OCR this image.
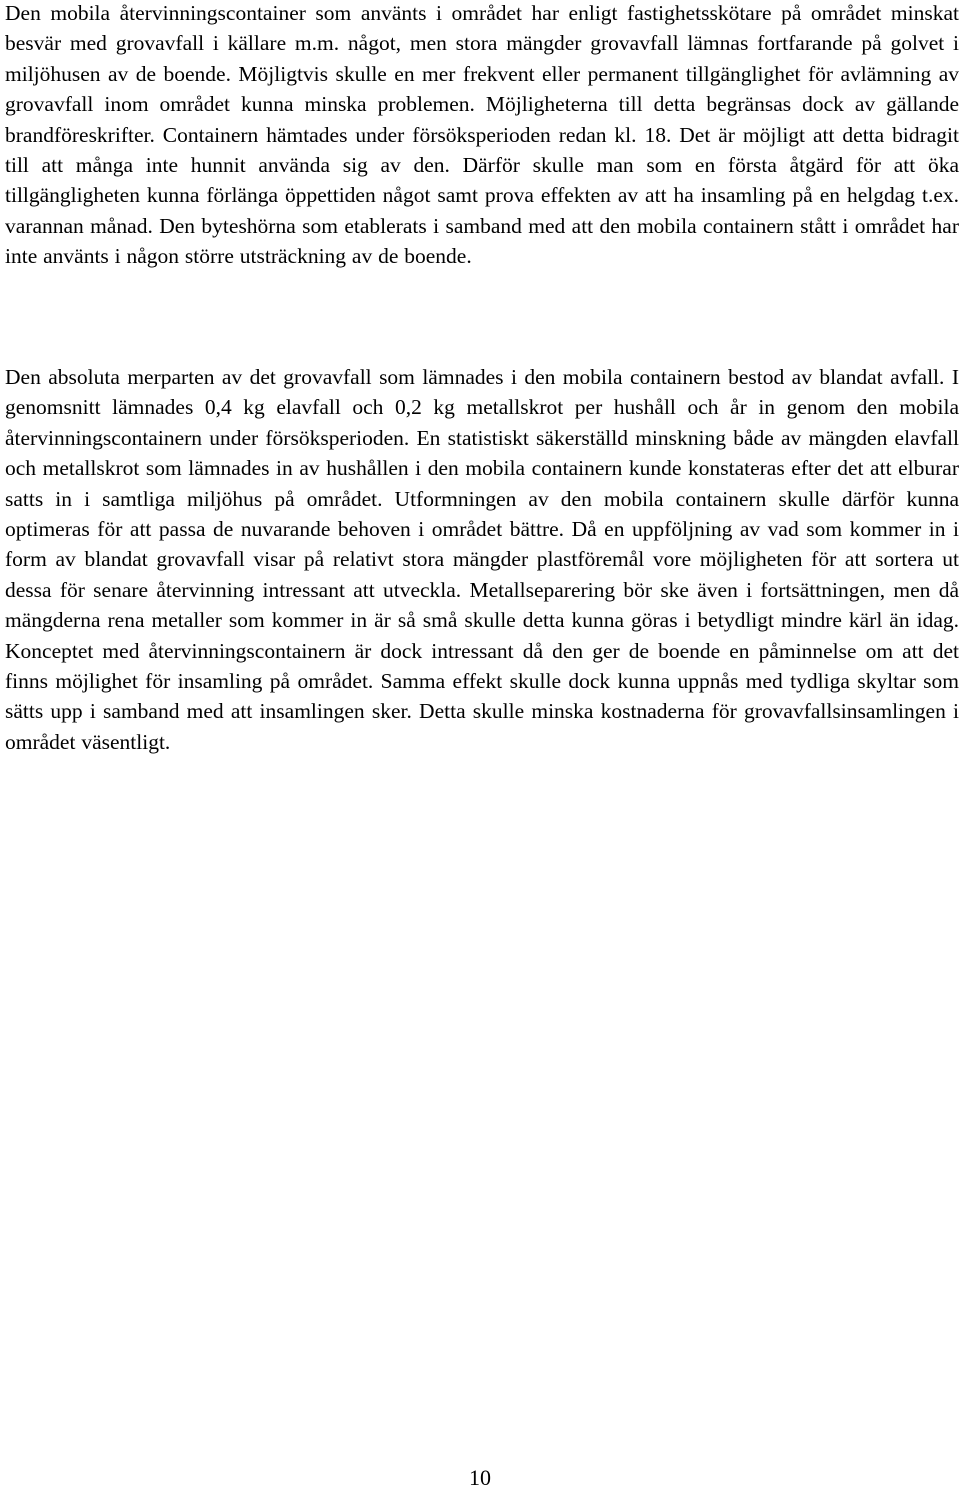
Den mobila återvinningscontainer som använts i området har enligt fastighetsskötare på området minskat besvär med grovavfall i källare m.m. något, men stora mängder grovavfall lämnas fortfarande på golvet i miljöhusen av de boende. Möjligtvis skulle en mer frekvent eller permanent tillgänglighet för avlämning av grovavfall inom området kunna minska problemen. Möjligheterna till detta begränsas dock av gällande brandföreskrifter. Containern hämtades under försöksperioden redan kl. 18. Det är möjligt att detta bidragit till att många inte hunnit använda sig av den. Därför skulle man som en första åtgärd för att öka tillgängligheten kunna förlänga öppettiden något samt prova effekten av att ha insamling på en helgdag t.ex. varannan månad. Den byteshörna som etablerats i samband med att den mobila containern stått i området har inte använts i någon större utsträckning av de boende.

Den absoluta merparten av det grovavfall som lämnades i den mobila containern bestod av blandat avfall. I genomsnitt lämnades 0,4 kg elavfall och 0,2 kg metallskrot per hushåll och år in genom den mobila återvinningscontainern under försöksperioden. En statistiskt säkerställd minskning både av mängden elavfall och metallskrot som lämnades in av hushållen i den mobila containern kunde konstateras efter det att elburar satts in i samtliga miljöhus på området. Utformningen av den mobila containern skulle därför kunna optimeras för att passa de nuvarande behoven i området bättre. Då en uppföljning av vad som kommer in i form av blandat grovavfall visar på relativt stora mängder plastföremål vore möjligheten för att sortera ut dessa för senare återvinning intressant att utveckla. Metallseparering bör ske även i fortsättningen, men då mängderna rena metaller som kommer in är så små skulle detta kunna göras i betydligt mindre kärl än idag. Konceptet med återvinningscontainern är dock intressant då den ger de boende en påminnelse om att det finns möjlighet för insamling på området. Samma effekt skulle dock kunna uppnås med tydliga skyltar som sätts upp i samband med att insamlingen sker. Detta skulle minska kostnaderna för grovavfallsinsamlingen i området väsentligt.

10
